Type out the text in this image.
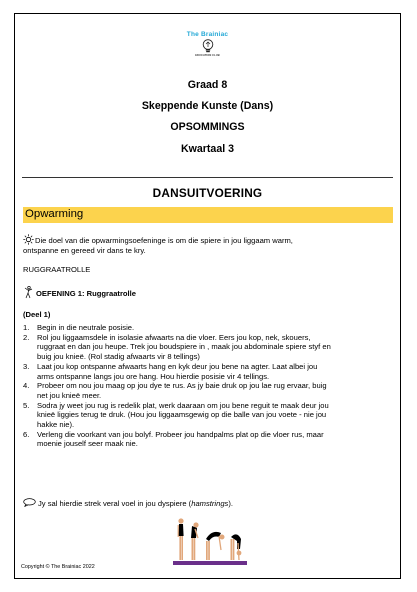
The Brainiac
EDUCATION CLUB
Graad 8
Skeppende Kunste (Dans)
OPSOMMINGS
Kwartaal 3
DANSUITVOERING
Opwarming
Die doel van die opwarmingsoefeninge is om die spiere in jou liggaam warm,
ontspanne en gereed vir dans te kry.
RUGGRAATROLLE
OEFENING 1: Ruggraatrolle
(Deel 1)
1. Begin in die neutrale posisie.
2. Rol jou liggaamsdele in isolasie afwaarts na die vloer. Eers jou kop, nek, skouers,
ruggraat en dan jou heupe. Trek jou boudspiere in , maak jou abdominale spiere styf en
buig jou knieë. (Rol stadig afwaarts vir 8 tellings)
3. Laat jou kop ontspanne afwaarts hang en kyk deur jou bene na agter. Laat albei jou
arms ontspanne langs jou ore hang. Hou hierdie posisie vir 4 tellings.
4. Probeer om nou jou maag op jou dye te rus. As jy baie druk op jou lae rug ervaar, buig
net jou knieë meer.
5. Sodra jy weet jou rug is redelik plat, werk daaraan om jou bene reguit te maak deur jou
knieë liggies terug te druk. (Hou jou liggaamsgewig op die balle van jou voete - nie jou
hakke nie).
6. Verleng die voorkant van jou bolyf. Probeer jou handpalms plat op die vloer rus, maar
moenie jouself seer maak nie.
Jy sal hierdie strek veral voel in jou dyspiere (hamstrings).
Copyright © The Brainiac 2022
